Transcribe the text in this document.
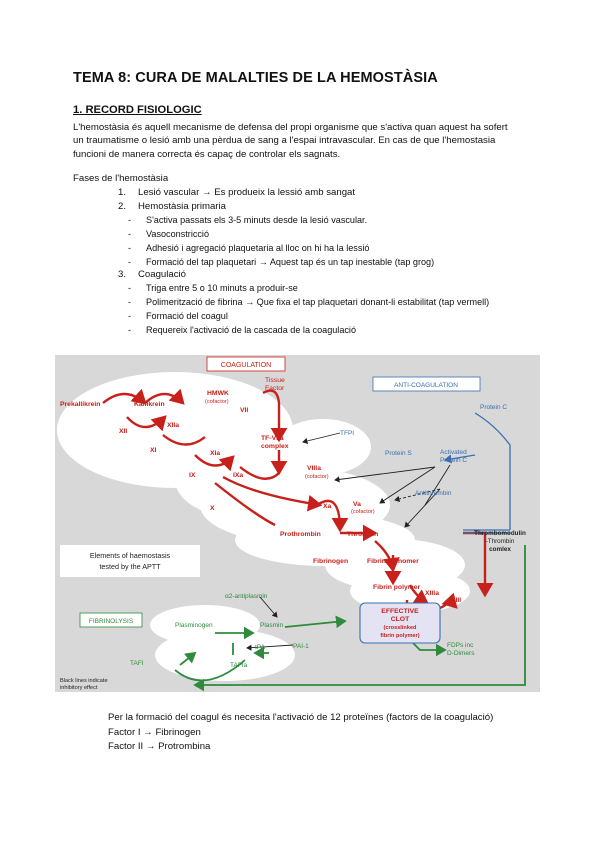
TEMA 8: CURA DE MALALTIES DE LA HEMOSTÀSIA
1. RECORD FISIOLOGIC
L'hemostàsia és aquell mecanisme de defensa del propi organisme que s'activa quan aquest ha sofert un traumatisme o lesió amb una pèrdua de sang a l'espai intravascular. En cas de que l'hemostasia funcioni de manera correcta és capaç de controlar els sagnats.
Fases de l'hemostàsia
1. Lesió vascular → Es produeix la lessió amb sangat
2. Hemostàsia primaria
- S'activa passats els 3-5 minuts desde la lesió vascular.
- Vasoconstricció
- Adhesió i agregació plaquetaria al lloc on hi ha la lessió
- Formació del tap plaquetari → Aquest tap és un tap inestable (tap grog)
3. Coagulació
- Triga entre 5 o 10 minuts a produir-se
- Polimerització de fibrina → Que fixa el tap plaquetari donant-li estabilitat (tap vermell)
- Formació del coagul
- Requereix l'activació de la cascada de la coagulació
COAGULATION
ANTI-COAGULATION
FIBRINOLYSIS
Prekallikrein	Kallikrein
HMWK
XII
XIIa
XI	XIa
IX	IXa
X	Xa
Tissue
Factor
VII
TF-VIIa
complex
VIIIa
Va
Prothrombin	Thrombin
Fibrinogen	Fibrin monomer
Fibrin polymer
XIIIa
XIII
EFFECTIVE
CLOT
(cofactor)
(cofactor)
(cofactor)
(crosslinked
fibrin polymer)
TFPI
Protein S
Protein C
Activated
Protein C
Antithrombin
Thrombomodulin
-Thrombin
comlex
Plasminogen	Plasmin
tPA	PAI-1
TAFI	TAFIa
FDPs inc
D-Dimers
α2-antiplasmin
Black lines indicate
inhibitory effect
Elements of haemostasis
tested by the APTT
Per la formació del coagul és necesita l'activació de 12 proteïnes (factors de la coagulació)
Factor I → Fibrinogen
Factor II → Protrombina
